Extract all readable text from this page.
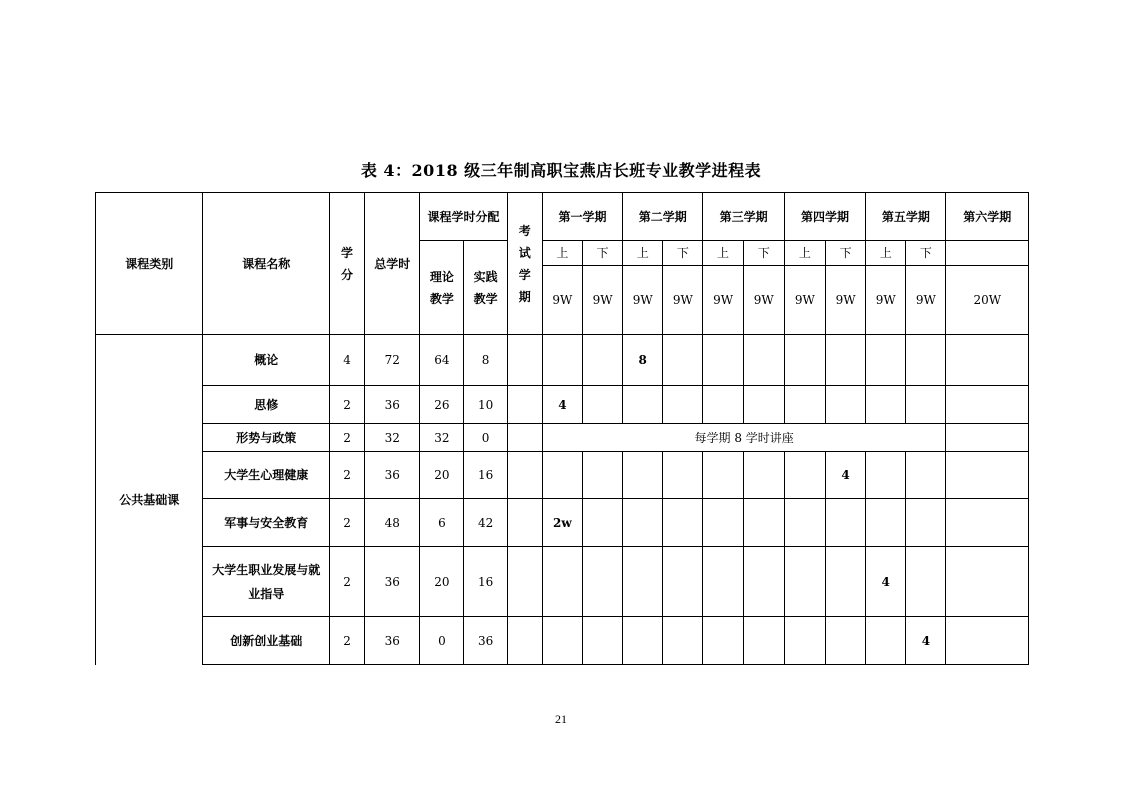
表 4：2018 级三年制高职宝燕店长班专业教学进程表
课程类别	课程名称	学分	总学时	课程学时分配		考试学期	第一学期		第二学期		第三学期		第四学期		第五学期		第六学期
				理论教学	实践教学		上	下	上	下	上	下	上	下	上	下	
							9W	9W	9W	9W	9W	9W	9W	9W	9W	9W	20W
公共基础课	概论	4	72	64	8				8								
	思修	2	36	26	10		4										
	形势与政策	2	32	32	0		每学期 8 学时讲座										
	大学生心理健康	2	36	20	16									4			
	军事与安全教育	2	48	6	42		2w										
	大学生职业发展与就业指导	2	36	20	16										4		
	创新创业基础	2	36	0	36											4	
21
